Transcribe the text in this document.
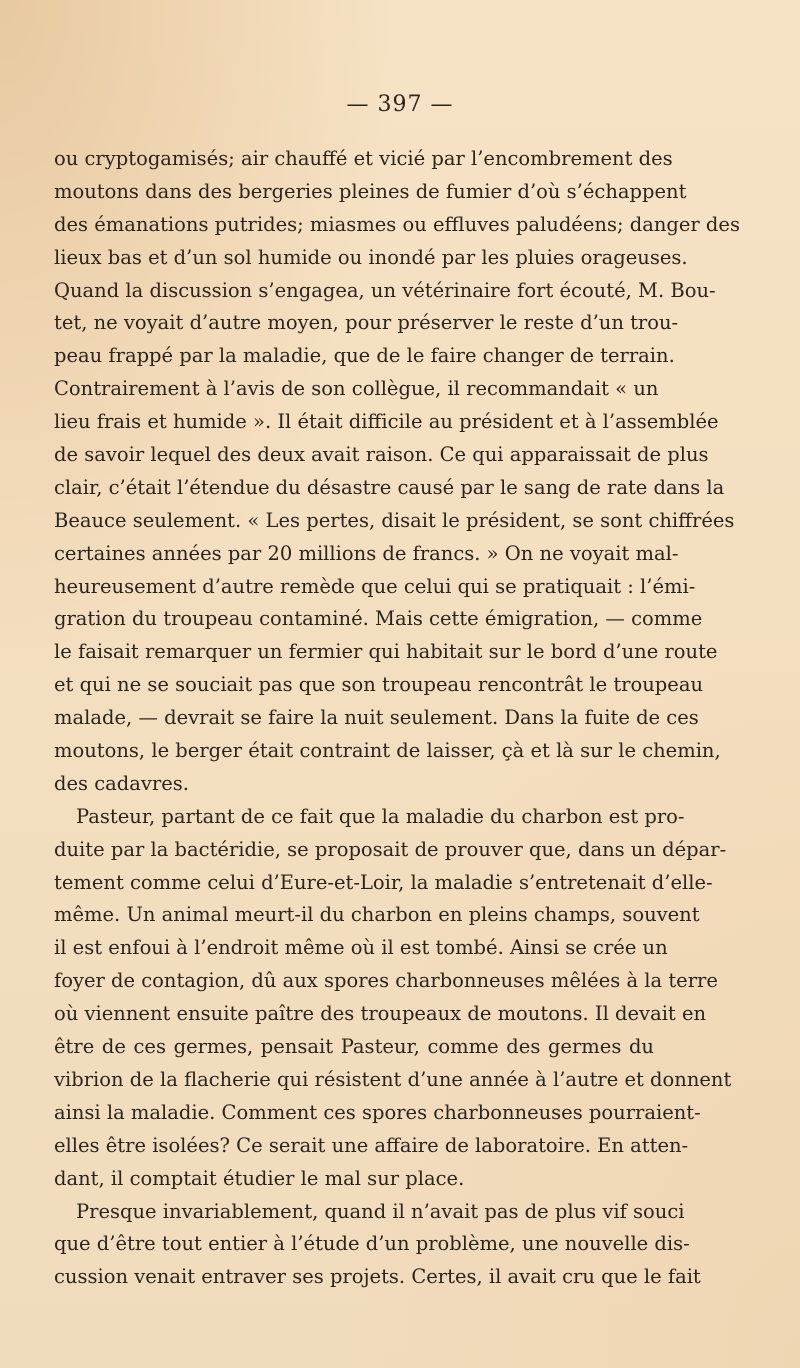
— 397 —
ou cryptogamisés; air chauffé et vicié par l’encombrement des
moutons dans des bergeries pleines de fumier d’où s’échappent
des émanations putrides; miasmes ou effluves paludéens; danger des
lieux bas et d’un sol humide ou inondé par les pluies orageuses.
Quand la discussion s’engagea, un vétérinaire fort écouté, M. Bou-
tet, ne voyait d’autre moyen, pour préserver le reste d’un trou-
peau frappé par la maladie, que de le faire changer de terrain.
Contrairement à l’avis de son collègue, il recommandait « un
lieu frais et humide ». Il était difficile au président et à l’assemblée
de savoir lequel des deux avait raison. Ce qui apparaissait de plus
clair, c’était l’étendue du désastre causé par le sang de rate dans la
Beauce seulement. « Les pertes, disait le président, se sont chiffrées
certaines années par 20 millions de francs. » On ne voyait mal-
heureusement d’autre remède que celui qui se pratiquait : l’émi-
gration du troupeau contaminé. Mais cette émigration, — comme
le faisait remarquer un fermier qui habitait sur le bord d’une route
et qui ne se souciait pas que son troupeau rencontrât le troupeau
malade, — devrait se faire la nuit seulement. Dans la fuite de ces
moutons, le berger était contraint de laisser, çà et là sur le chemin,
des cadavres.
Pasteur, partant de ce fait que la maladie du charbon est pro-
duite par la bactéridie, se proposait de prouver que, dans un dépar-
tement comme celui d’Eure-et-Loir, la maladie s’entretenait d’elle-
même. Un animal meurt-il du charbon en pleins champs, souvent
il est enfoui à l’endroit même où il est tombé. Ainsi se crée un
foyer de contagion, dû aux spores charbonneuses mêlées à la terre
où viennent ensuite paître des troupeaux de moutons. Il devait en
être de ces germes, pensait Pasteur, comme des germes du
vibrion de la flacherie qui résistent d’une année à l’autre et donnent
ainsi la maladie. Comment ces spores charbonneuses pourraient-
elles être isolées? Ce serait une affaire de laboratoire. En atten-
dant, il comptait étudier le mal sur place.
Presque invariablement, quand il n’avait pas de plus vif souci
que d’être tout entier à l’étude d’un problème, une nouvelle dis-
cussion venait entraver ses projets. Certes, il avait cru que le fait
